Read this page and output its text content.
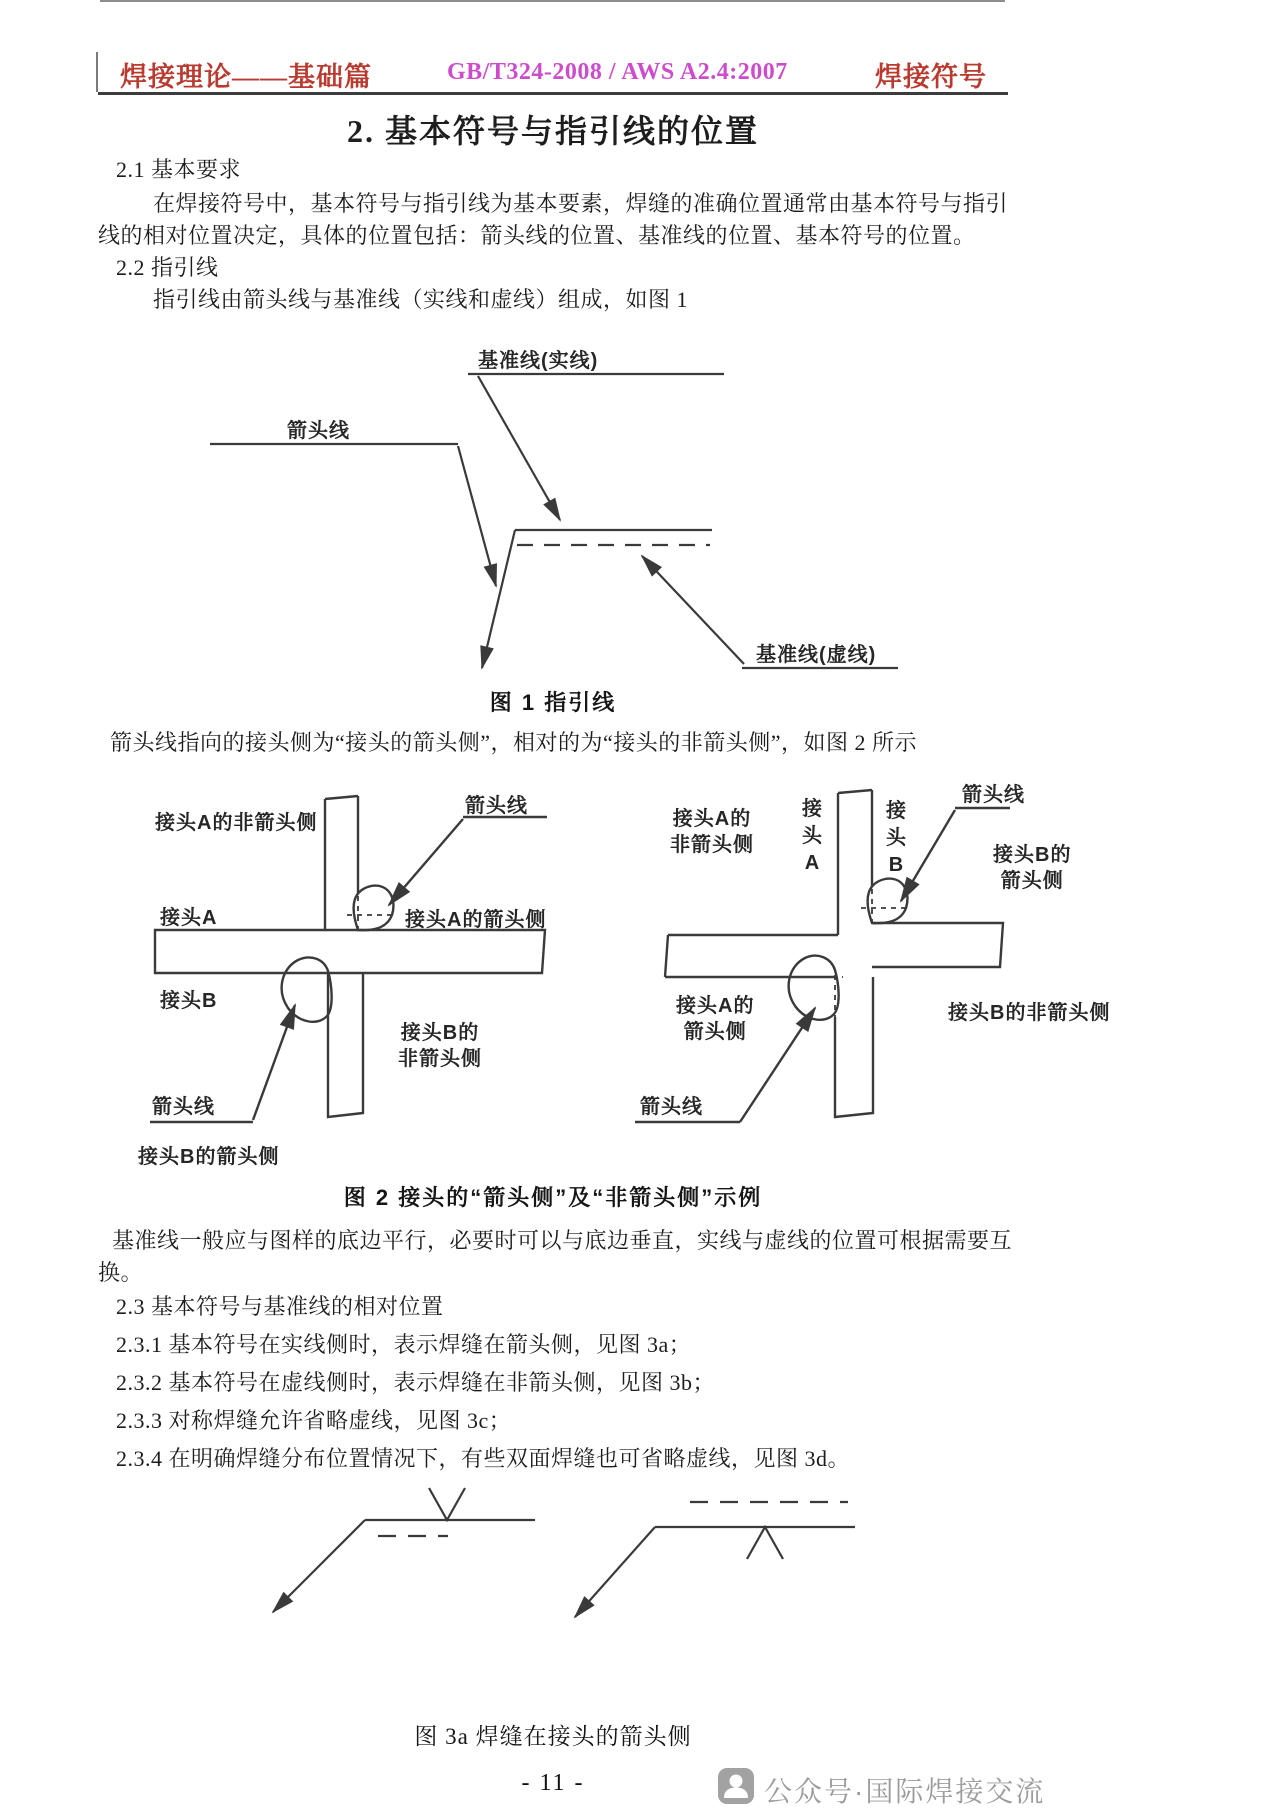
焊接理论——基础篇	GB/T324-2008 / AWS A2.4:2007	焊接符号
2. 基本符号与指引线的位置
2.1 基本要求
在焊接符号中，基本符号与指引线为基本要素，焊缝的准确位置通常由基本符号与指引
线的相对位置决定，具体的位置包括：箭头线的位置、基准线的位置、基本符号的位置。
2.2 指引线
指引线由箭头线与基准线（实线和虚线）组成，如图 1
基准线(实线)
箭头线
基准线(虚线)
图 1 指引线
箭头线指向的接头侧为“接头的箭头侧”，相对的为“接头的非箭头侧”，如图 2 所示
接头A的非箭头侧
箭头线
接头A	接头A的箭头侧
接头B
接头B的
非箭头侧
箭头线
接头B的箭头侧
接头A的
非箭头侧
接头A
接头B
箭头线
接头B的
箭头侧
接头A的
箭头侧
接头B的非箭头侧
箭头线
图 2 接头的“箭头侧”及“非箭头侧”示例
基准线一般应与图样的底边平行，必要时可以与底边垂直，实线与虚线的位置可根据需要互
换。
2.3 基本符号与基准线的相对位置
2.3.1 基本符号在实线侧时，表示焊缝在箭头侧，见图 3a；
2.3.2 基本符号在虚线侧时，表示焊缝在非箭头侧，见图 3b；
2.3.3 对称焊缝允许省略虚线，见图 3c；
2.3.4 在明确焊缝分布位置情况下，有些双面焊缝也可省略虚线，见图 3d。
图 3a 焊缝在接头的箭头侧
- 11 -	公众号·国际焊接交流
